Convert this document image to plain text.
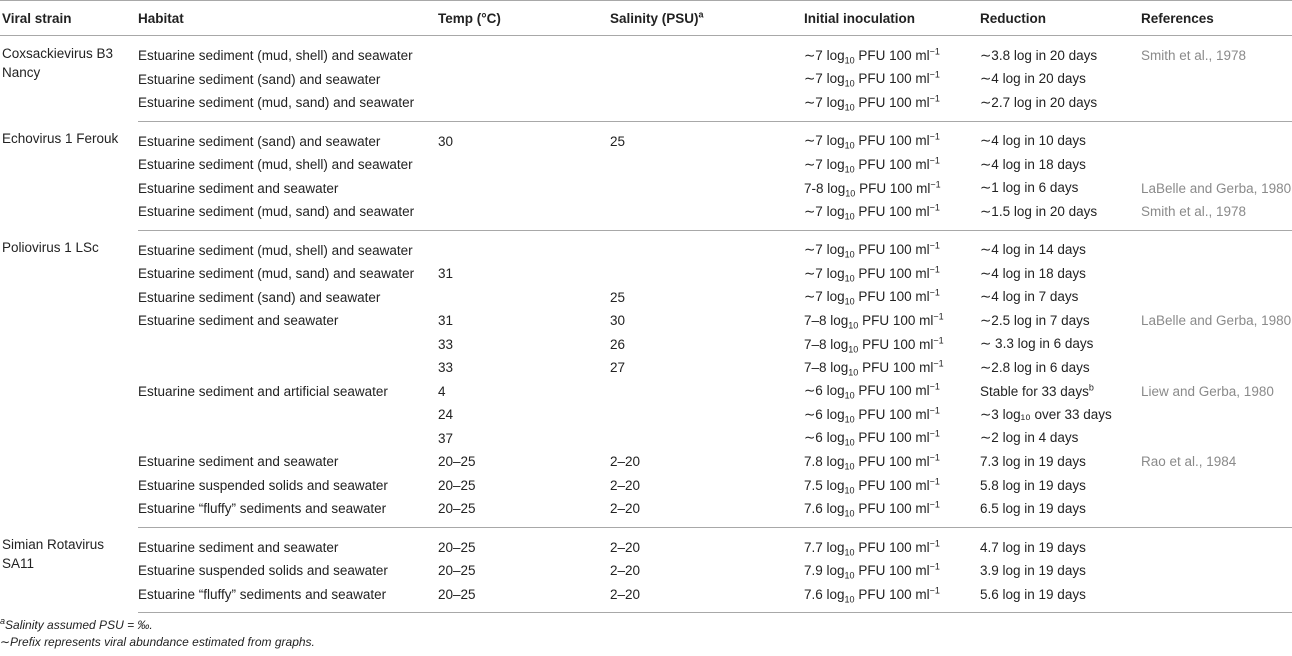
Viral strain	Habitat	Temp (°C)	Salinity (PSU)$^a$	Initial inoculation	Reduction	References
Coxsackievirus B3 Nancy	Estuarine sediment (mud, shell) and seawater			∼7 $\log_{10}$ PFU 100 $ml^{-1}$	∼3.8 log in 20 days	Smith et al., 1978
	Estuarine sediment (sand) and seawater			∼7 $\log_{10}$ PFU 100 $ml^{-1}$	∼4 log in 20 days	
	Estuarine sediment (mud, sand) and seawater			∼7 $\log_{10}$ PFU 100 $ml^{-1}$	∼2.7 log in 20 days	
Echovirus 1 Ferouk	Estuarine sediment (sand) and seawater	30	25	∼7 $\log_{10}$ PFU 100 $ml^{-1}$	∼4 log in 10 days	
	Estuarine sediment (mud, shell) and seawater			∼7 $\log_{10}$ PFU 100 $ml^{-1}$	∼4 log in 18 days	
	Estuarine sediment and seawater			7-8 $\log_{10}$ PFU 100 $ml^{-1}$	∼1 log in 6 days	LaBelle and Gerba, 1980
	Estuarine sediment (mud, sand) and seawater			∼7 $\log_{10}$ PFU 100 $ml^{-1}$	∼1.5 log in 20 days	Smith et al., 1978
Poliovirus 1 LSc	Estuarine sediment (mud, shell) and seawater			∼7 $\log_{10}$ PFU 100 $ml^{-1}$	∼4 log in 14 days	
	Estuarine sediment (mud, sand) and seawater	31		∼7 $\log_{10}$ PFU 100 $ml^{-1}$	∼4 log in 18 days	
	Estuarine sediment (sand) and seawater		25	∼7 $\log_{10}$ PFU 100 $ml^{-1}$	∼4 log in 7 days	
	Estuarine sediment and seawater	31	30	7–8 $\log_{10}$ PFU 100 $ml^{-1}$	∼2.5 log in 7 days	LaBelle and Gerba, 1980
		33	26	7–8 $\log_{10}$ PFU 100 $ml^{-1}$	∼ 3.3 log in 6 days	
		33	27	7–8 $\log_{10}$ PFU 100 $ml^{-1}$	∼2.8 log in 6 days	
	Estuarine sediment and artificial seawater	4		∼6 $\log_{10}$ PFU 100 $ml^{-1}$	Stable for 33 days$^b$	Liew and Gerba, 1980
		24		∼6 $\log_{10}$ PFU 100 $ml^{-1}$	∼3 log₁₀ over 33 days	
		37		∼6 $\log_{10}$ PFU 100 $ml^{-1}$	∼2 log in 4 days	
	Estuarine sediment and seawater	20–25	2–20	7.8 $\log_{10}$ PFU 100 $ml^{-1}$	7.3 log in 19 days	Rao et al., 1984
	Estuarine suspended solids and seawater	20–25	2–20	7.5 $\log_{10}$ PFU 100 $ml^{-1}$	5.8 log in 19 days	
	Estuarine “fluffy” sediments and seawater	20–25	2–20	7.6 $\log_{10}$ PFU 100 $ml^{-1}$	6.5 log in 19 days	
Simian Rotavirus SA11	Estuarine sediment and seawater	20–25	2–20	7.7 $\log_{10}$ PFU 100 $ml^{-1}$	4.7 log in 19 days	
	Estuarine suspended solids and seawater	20–25	2–20	7.9 $\log_{10}$ PFU 100 $ml^{-1}$	3.9 log in 19 days	
	Estuarine “fluffy” sediments and seawater	20–25	2–20	7.6 $\log_{10}$ PFU 100 $ml^{-1}$	5.6 log in 19 days	
$^a$Salinity assumed PSU = ‰.
∼Prefix represents viral abundance estimated from graphs.
